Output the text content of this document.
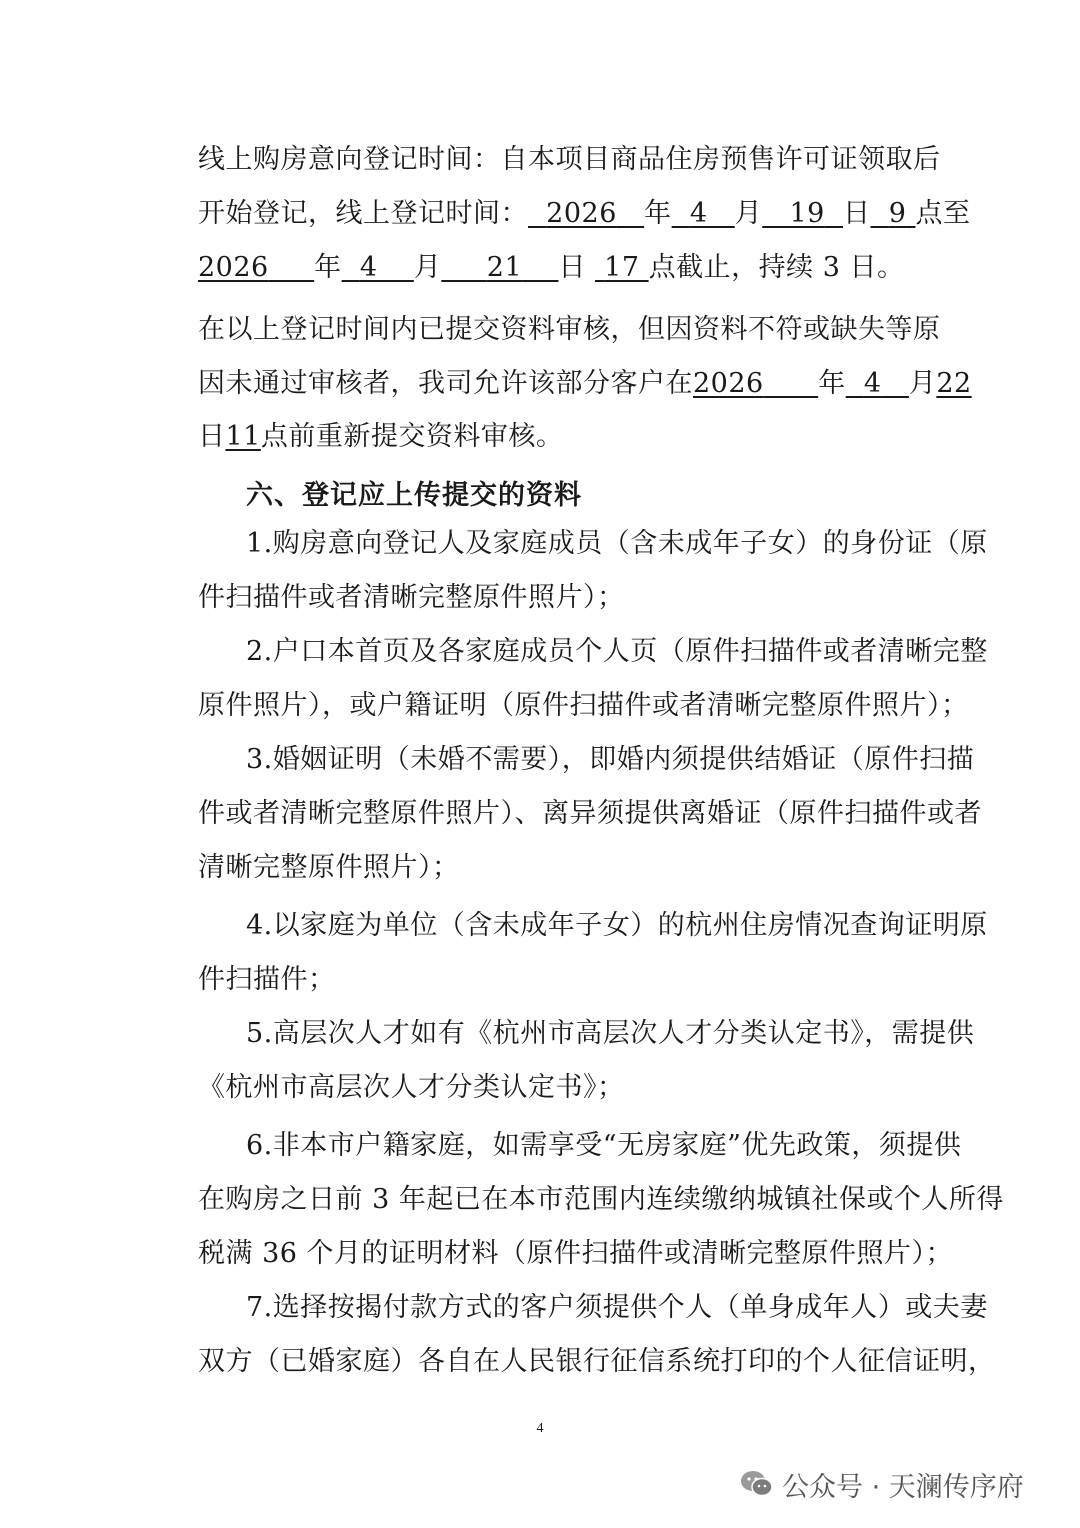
线上购房意向登记时间：自本项目商品住房预售许可证领取后
开始登记，线上登记时间： 2026 年 4 月 19 日 9 点至
2026 年 4 月 21 日 17 点截止，持续 3 日。
在以上登记时间内已提交资料审核，但因资料不符或缺失等原
因未通过审核者，我司允许该部分客户在2026 年 4 月22
日11点前重新提交资料审核。
六、登记应上传提交的资料
1.购房意向登记人及家庭成员（含未成年子女）的身份证（原
件扫描件或者清晰完整原件照片）；
2.户口本首页及各家庭成员个人页（原件扫描件或者清晰完整
原件照片），或户籍证明（原件扫描件或者清晰完整原件照片）；
3.婚姻证明（未婚不需要），即婚内须提供结婚证（原件扫描
件或者清晰完整原件照片）、离异须提供离婚证（原件扫描件或者
清晰完整原件照片）；
4.以家庭为单位（含未成年子女）的杭州住房情况查询证明原
件扫描件；
5.高层次人才如有《杭州市高层次人才分类认定书》，需提供
《杭州市高层次人才分类认定书》；
6.非本市户籍家庭，如需享受“无房家庭”优先政策，须提供
在购房之日前 3 年起已在本市范围内连续缴纳城镇社保或个人所得
税满 36 个月的证明材料（原件扫描件或清晰完整原件照片）；
7.选择按揭付款方式的客户须提供个人（单身成年人）或夫妻
双方（已婚家庭）各自在人民银行征信系统打印的个人征信证明，
4
公众号 · 天澜传序府
